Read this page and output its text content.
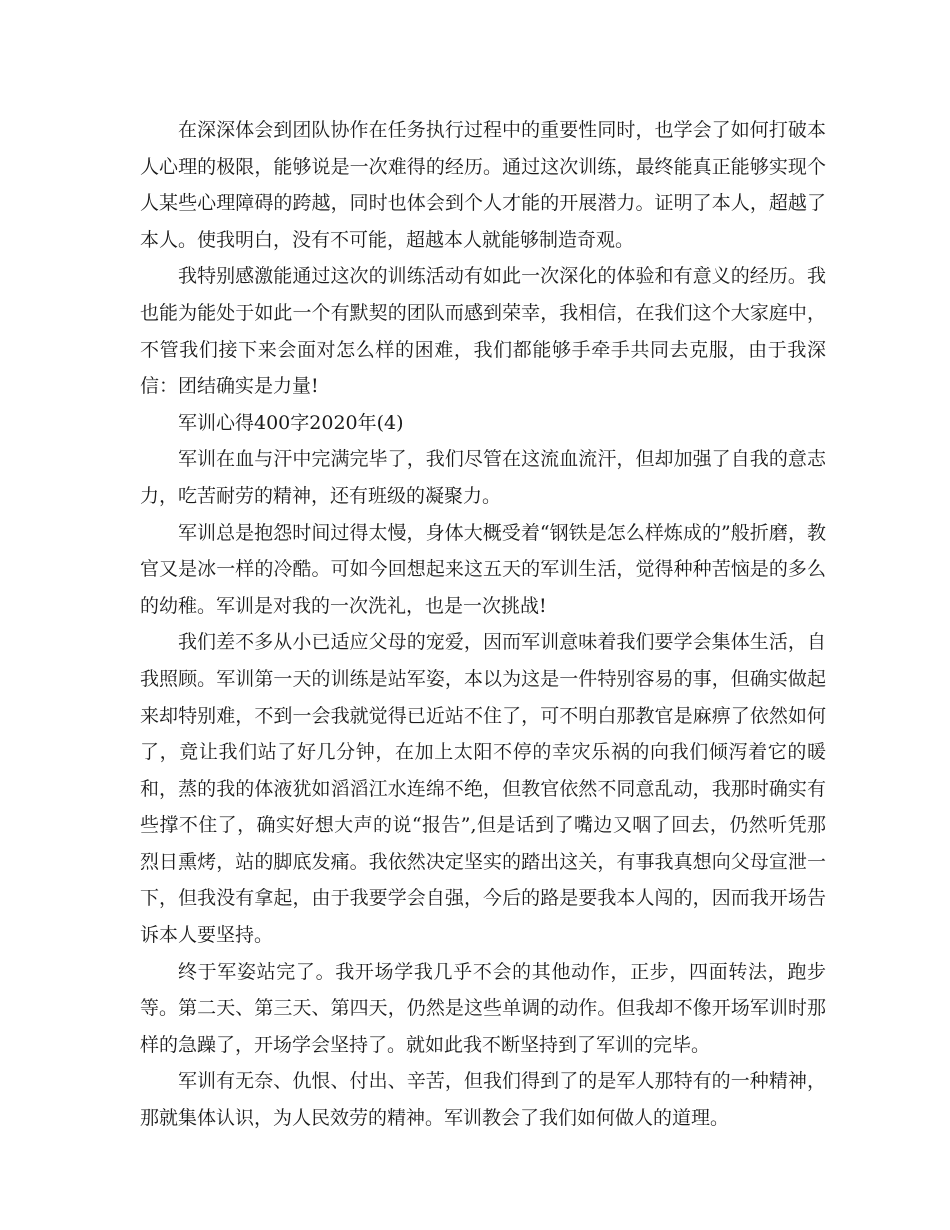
在深深体会到团队协作在任务执行过程中的重要性同时，也学会了如何打破本人心理的极限，能够说是一次难得的经历。通过这次训练，最终能真正能够实现个人某些心理障碍的跨越，同时也体会到个人才能的开展潜力。证明了本人，超越了本人。使我明白，没有不可能，超越本人就能够制造奇观。

我特别感激能通过这次的训练活动有如此一次深化的体验和有意义的经历。我也能为能处于如此一个有默契的团队而感到荣幸，我相信，在我们这个大家庭中，不管我们接下来会面对怎么样的困难，我们都能够手牵手共同去克服，由于我深信：团结确实是力量!

军训心得400字2020年(4)

军训在血与汗中完满完毕了，我们尽管在这流血流汗，但却加强了自我的意志力，吃苦耐劳的精神，还有班级的凝聚力。

军训总是抱怨时间过得太慢，身体大概受着“钢铁是怎么样炼成的”般折磨，教官又是冰一样的冷酷。可如今回想起来这五天的军训生活，觉得种种苦恼是的多么的幼稚。军训是对我的一次洗礼，也是一次挑战!

我们差不多从小已适应父母的宠爱，因而军训意味着我们要学会集体生活，自我照顾。军训第一天的训练是站军姿，本以为这是一件特别容易的事，但确实做起来却特别难，不到一会我就觉得已近站不住了，可不明白那教官是麻痹了依然如何了，竟让我们站了好几分钟，在加上太阳不停的幸灾乐祸的向我们倾泻着它的暖和，蒸的我的体液犹如滔滔江水连绵不绝，但教官依然不同意乱动，我那时确实有些撑不住了，确实好想大声的说“报告”,但是话到了嘴边又咽了回去，仍然听凭那烈日熏烤，站的脚底发痛。我依然决定坚实的踏出这关，有事我真想向父母宣泄一下，但我没有拿起，由于我要学会自强，今后的路是要我本人闯的，因而我开场告诉本人要坚持。

终于军姿站完了。我开场学我几乎不会的其他动作，正步，四面转法，跑步等。第二天、第三天、第四天，仍然是这些单调的动作。但我却不像开场军训时那样的急躁了，开场学会坚持了。就如此我不断坚持到了军训的完毕。

军训有无奈、仇恨、付出、辛苦，但我们得到了的是军人那特有的一种精神，那就集体认识，为人民效劳的精神。军训教会了我们如何做人的道理。
